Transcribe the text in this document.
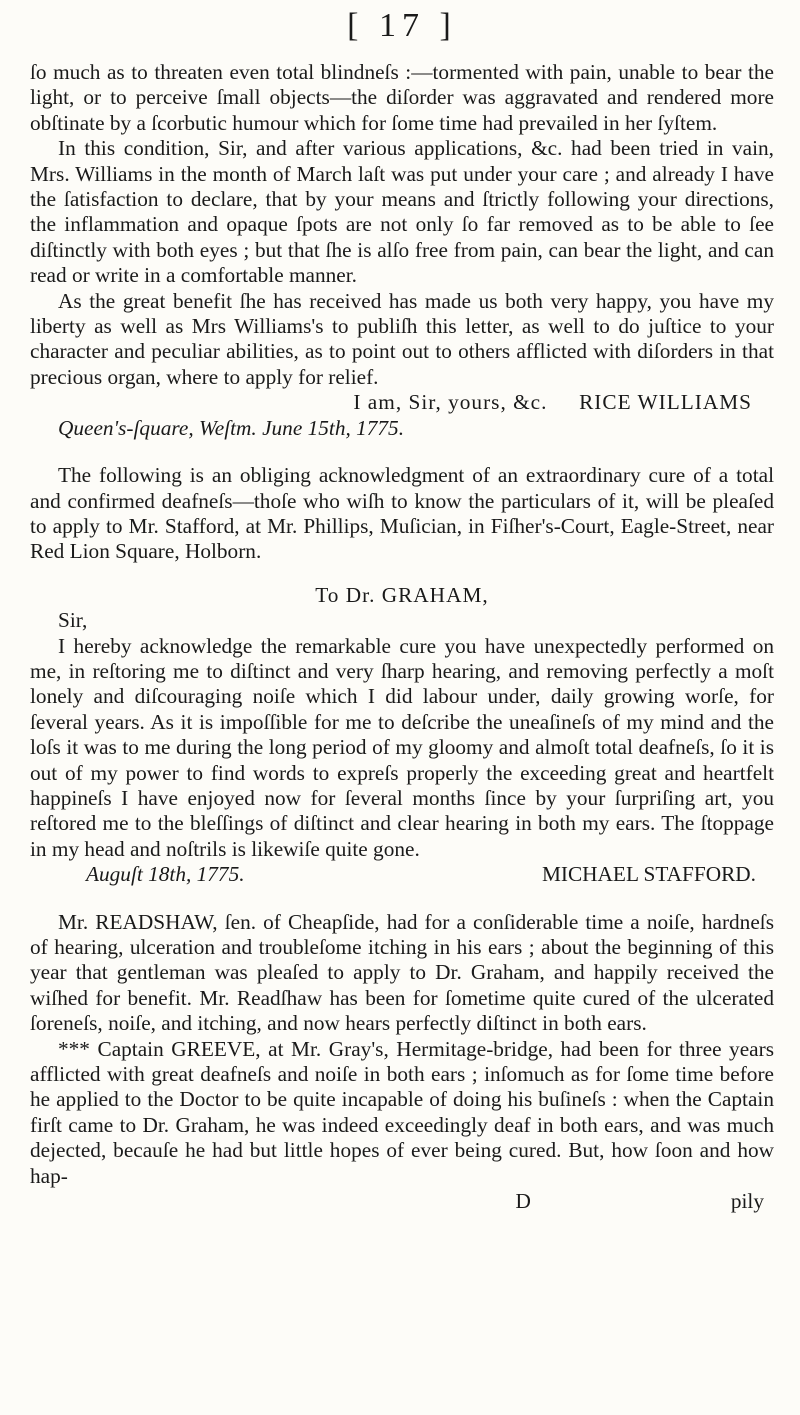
[ 17 ]

ſo much as to threaten even total blindneſs :—tormented with pain, unable to bear the light, or to perceive ſmall objects—the diſorder was aggravated and rendered more obſtinate by a ſcorbutic humour which for ſome time had prevailed in her ſyſtem.

In this condition, Sir, and after various applications, &c. had been tried in vain, Mrs. Williams in the month of March laſt was put under your care ; and already I have the ſatisfaction to declare, that by your means and ſtrictly following your directions, the inflammation and opaque ſpots are not only ſo far removed as to be able to ſee diſtinctly with both eyes ; but that ſhe is alſo free from pain, can bear the light, and can read or write in a comfortable manner.

As the great benefit ſhe has received has made us both very happy, you have my liberty as well as Mrs Williams's to publiſh this letter, as well to do juſtice to your character and peculiar abilities, as to point out to others afflicted with diſorders in that precious organ, where to apply for relief.

I am, Sir, yours, &c. RICE WILLIAMS

Queen's-ſquare, Weſtm. June 15th, 1775.

The following is an obliging acknowledgment of an extraordinary cure of a total and confirmed deafneſs—thoſe who wiſh to know the particulars of it, will be pleaſed to apply to Mr. Stafford, at Mr. Phillips, Muſician, in Fiſher's-Court, Eagle-Street, near Red Lion Square, Holborn.

To Dr. GRAHAM,

Sir,

I hereby acknowledge the remarkable cure you have unexpectedly performed on me, in reſtoring me to diſtinct and very ſharp hearing, and removing perfectly a moſt lonely and diſcouraging noiſe which I did labour under, daily growing worſe, for ſeveral years. As it is impoſſible for me to deſcribe the uneaſineſs of my mind and the loſs it was to me during the long period of my gloomy and almoſt total deafneſs, ſo it is out of my power to find words to expreſs properly the exceeding great and heartfelt happineſs I have enjoyed now for ſeveral months ſince by your ſurpriſing art, you reſtored me to the bleſſings of diſtinct and clear hearing in both my ears. The ſtoppage in my head and noſtrils is likewiſe quite gone.

Auguſt 18th, 1775.	MICHAEL STAFFORD.

Mr. READSHAW, ſen. of Cheapſide, had for a conſiderable time a noiſe, hardneſs of hearing, ulceration and troubleſome itching in his ears ; about the beginning of this year that gentleman was pleaſed to apply to Dr. Graham, and happily received the wiſhed for benefit. Mr. Readſhaw has been for ſometime quite cured of the ulcerated ſoreneſs, noiſe, and itching, and now hears perfectly diſtinct in both ears.

*** Captain GREEVE, at Mr. Gray's, Hermitage-bridge, had been for three years afflicted with great deafneſs and noiſe in both ears ; inſomuch as for ſome time before he applied to the Doctor to be quite incapable of doing his buſineſs : when the Captain firſt came to Dr. Graham, he was indeed exceedingly deaf in both ears, and was much dejected, becauſe he had but little hopes of ever being cured. But, how ſoon and how hap-

D	pily
